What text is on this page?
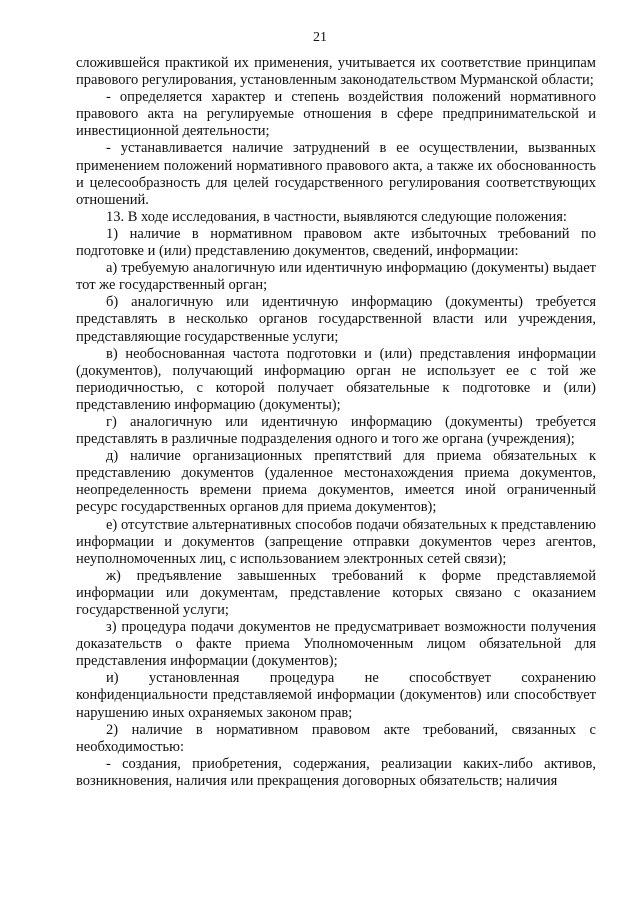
21

сложившейся практикой их применения, учитывается их соответствие принципам правового регулирования, установленным законодательством Мурманской области;

- определяется характер и степень воздействия положений нормативного правового акта на регулируемые отношения в сфере предпринимательской и инвестиционной деятельности;

- устанавливается наличие затруднений в ее осуществлении, вызванных применением положений нормативного правового акта, а также их обоснованность и целесообразность для целей государственного регулирования соответствующих отношений.

13. В ходе исследования, в частности, выявляются следующие положения:

1) наличие в нормативном правовом акте избыточных требований по подготовке и (или) представлению документов, сведений, информации:

а) требуемую аналогичную или идентичную информацию (документы) выдает тот же государственный орган;

б) аналогичную или идентичную информацию (документы) требуется представлять в несколько органов государственной власти или учреждения, представляющие государственные услуги;

в) необоснованная частота подготовки и (или) представления информации (документов), получающий информацию орган не использует ее с той же периодичностью, с которой получает обязательные к подготовке и (или) представлению информацию (документы);

г) аналогичную или идентичную информацию (документы) требуется представлять в различные подразделения одного и того же органа (учреждения);

д) наличие организационных препятствий для приема обязательных к представлению документов (удаленное местонахождения приема документов, неопределенность времени приема документов, имеется иной ограниченный ресурс государственных органов для приема документов);

е) отсутствие альтернативных способов подачи обязательных к представлению информации и документов (запрещение отправки документов через агентов, неуполномоченных лиц, с использованием электронных сетей связи);

ж) предъявление завышенных требований к форме представляемой информации или документам, представление которых связано с оказанием государственной услуги;

з) процедура подачи документов не предусматривает возможности получения доказательств о факте приема Уполномоченным лицом обязательной для представления информации (документов);

и) установленная процедура не способствует сохранению конфиденциальности представляемой информации (документов) или способствует нарушению иных охраняемых законом прав;

2) наличие в нормативном правовом акте требований, связанных с необходимостью:

- создания, приобретения, содержания, реализации каких-либо активов, возникновения, наличия или прекращения договорных обязательств; наличия
